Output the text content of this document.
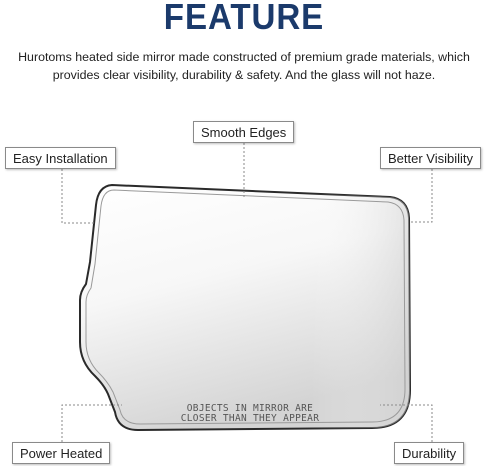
FEATURE
Hurotoms heated side mirror made constructed of premium grade materials, which provides clear visibility, durability & safety. And the glass will not haze.
OBJECTS IN MIRROR ARE
CLOSER THAN THEY APPEAR
Smooth Edges
Easy Installation	Better Visibility
Power Heated	Durability
